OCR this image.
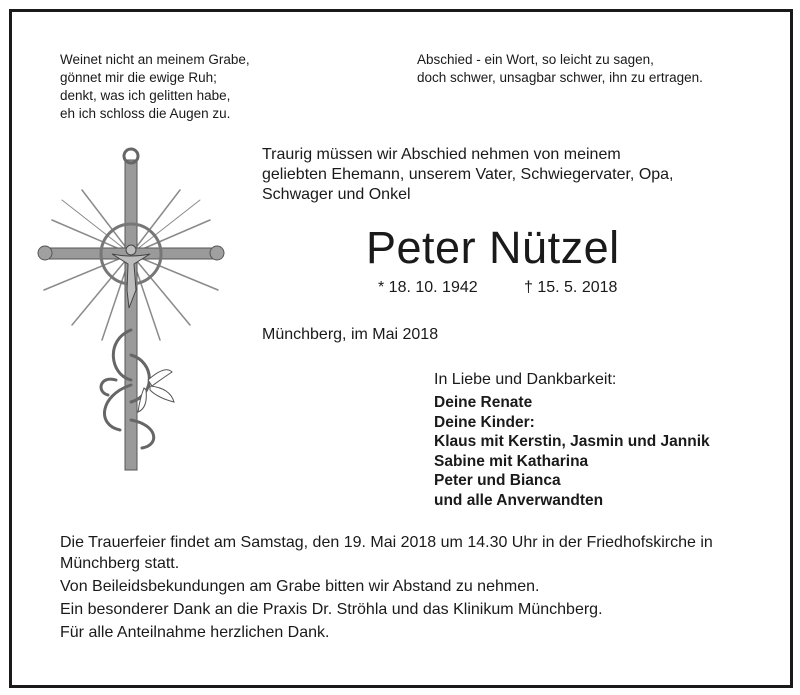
Weinet nicht an meinem Grabe,
gönnet mir die ewige Ruh;
denkt, was ich gelitten habe,
eh ich schloss die Augen zu.
Abschied - ein Wort, so leicht zu sagen,
doch schwer, unsagbar schwer, ihn zu ertragen.
Traurig müssen wir Abschied nehmen von meinem
geliebten Ehemann, unserem Vater, Schwiegervater, Opa,
Schwager und Onkel
Peter Nützel
* 18. 10. 1942	† 15. 5. 2018
Münchberg, im Mai 2018
In Liebe und Dankbarkeit:
Deine Renate
Deine Kinder:
Klaus mit Kerstin, Jasmin und Jannik
Sabine mit Katharina
Peter und Bianca
und alle Anverwandten

Die Trauerfeier findet am Samstag, den 19. Mai 2018 um 14.30 Uhr in der Friedhofskirche in Münchberg statt.

Von Beileidsbekundungen am Grabe bitten wir Abstand zu nehmen.

Ein besonderer Dank an die Praxis Dr. Ströhla und das Klinikum Münchberg.

Für alle Anteilnahme herzlichen Dank.
